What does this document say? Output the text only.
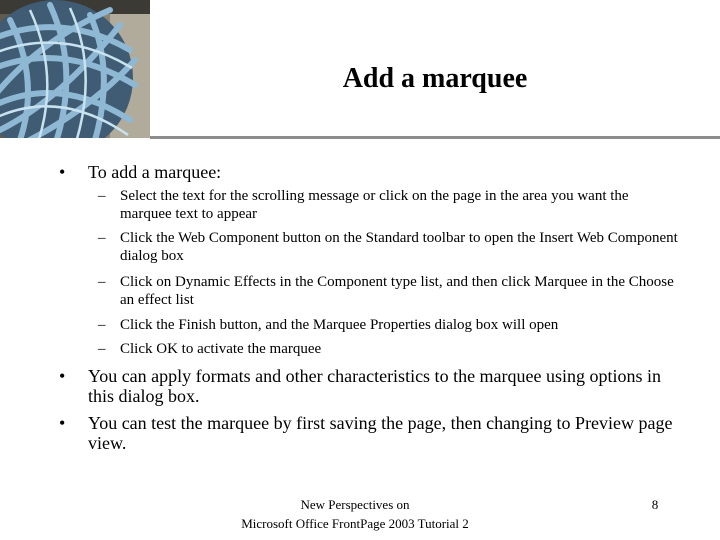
Add a marquee
• To add a marquee:
– Select the text for the scrolling message or click on the page in the area you want the marquee text to appear
– Click the Web Component button on the Standard toolbar to open the Insert Web Component dialog box
– Click on Dynamic Effects in the Component type list, and then click Marquee in the Choose an effect list
– Click the Finish button, and the Marquee Properties dialog box will open
– Click OK to activate the marquee
• You can apply formats and other characteristics to the marquee using options in this dialog box.
• You can test the marquee by first saving the page, then changing to Preview page view.
New Perspectives on
Microsoft Office FrontPage 2003 Tutorial 2
8
